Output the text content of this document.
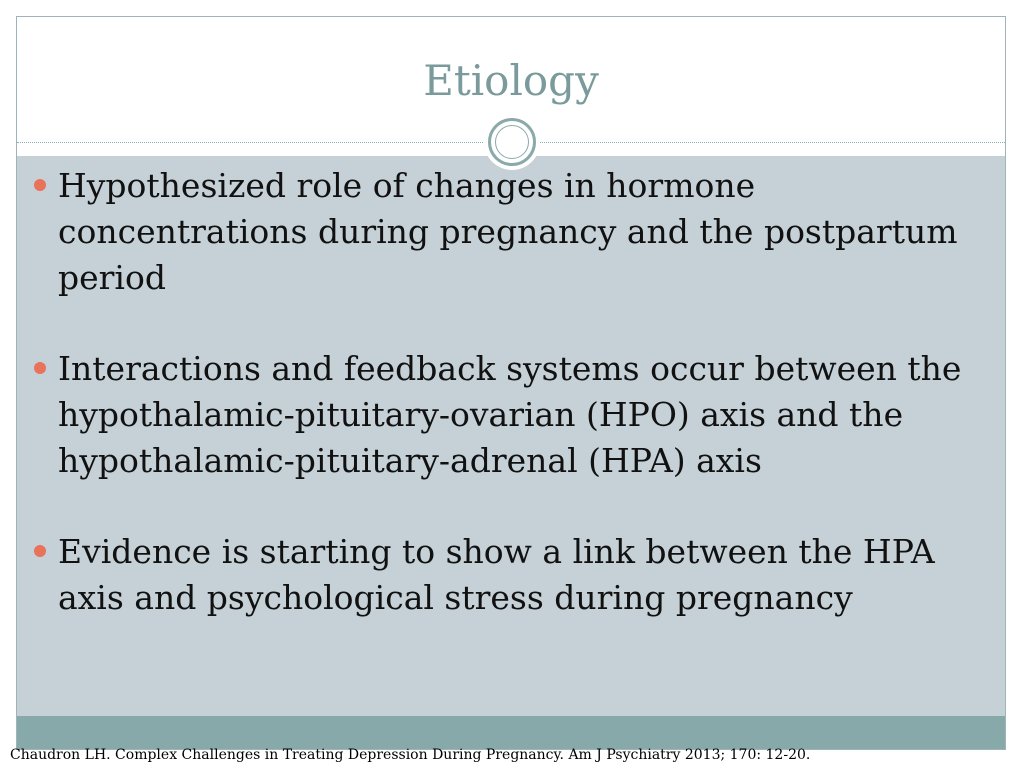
Etiology
Hypothesized role of changes in hormone concentrations during pregnancy and the postpartum period
Interactions and feedback systems occur between the hypothalamic-pituitary-ovarian (HPO) axis and the hypothalamic-pituitary-adrenal (HPA) axis
Evidence is starting to show a link between the HPA axis and psychological stress during pregnancy
Chaudron LH. Complex Challenges in Treating Depression During Pregnancy. Am J Psychiatry 2013; 170: 12-20.
